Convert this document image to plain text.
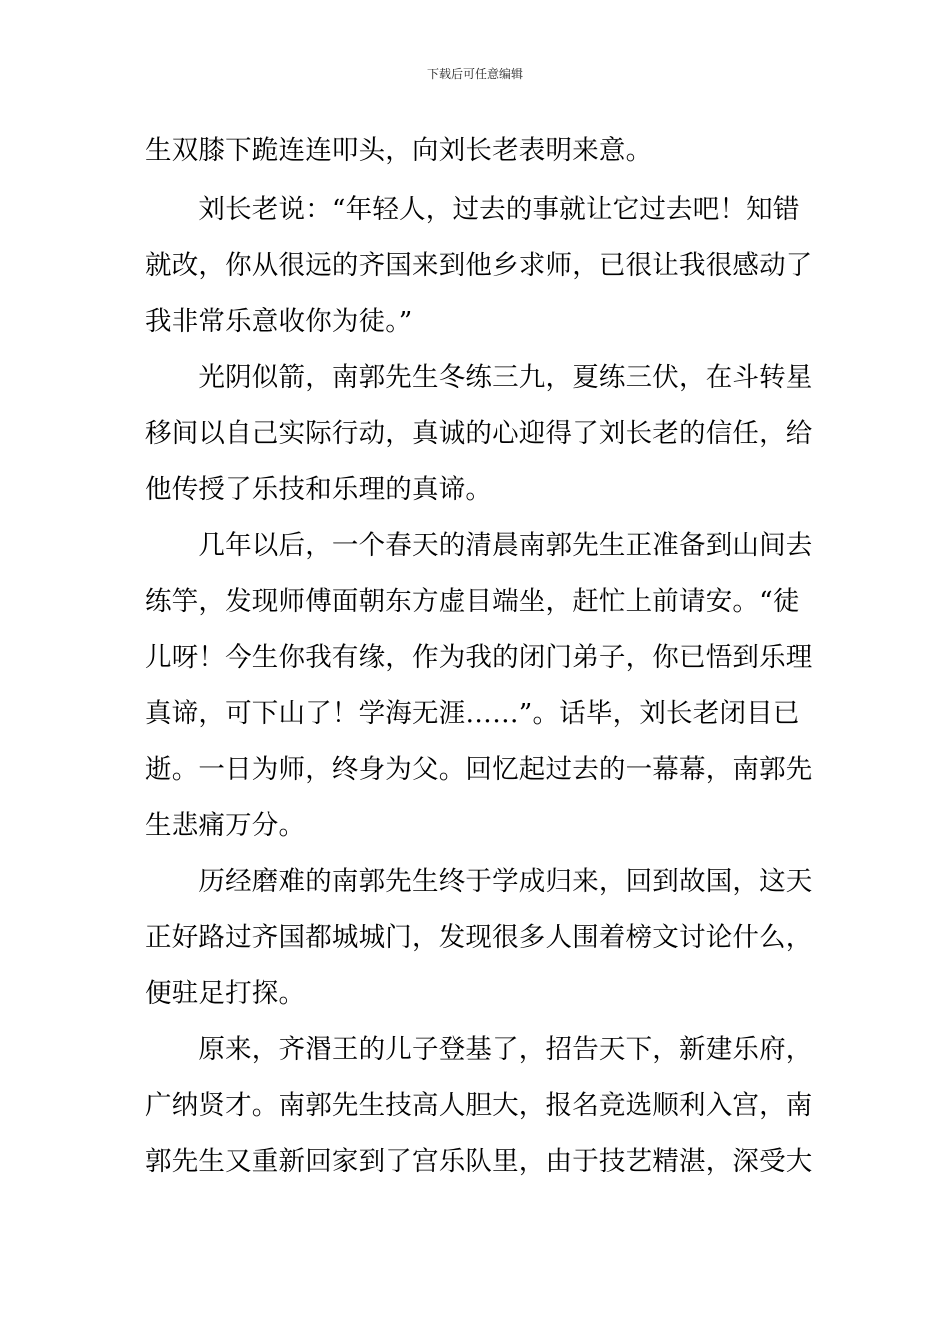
下载后可任意编辑
生双膝下跪连连叩头，向刘长老表明来意。
　　刘长老说：“年轻人，过去的事就让它过去吧！知错
就改，你从很远的齐国来到他乡求师，已很让我很感动了
我非常乐意收你为徒。”
　　光阴似箭，南郭先生冬练三九，夏练三伏，在斗转星
移间以自己实际行动，真诚的心迎得了刘长老的信任，给
他传授了乐技和乐理的真谛。
　　几年以后，一个春天的清晨南郭先生正准备到山间去
练竽，发现师傅面朝东方虚目端坐，赶忙上前请安。“徒
儿呀！今生你我有缘，作为我的闭门弟子，你已悟到乐理
真谛，可下山了！学海无涯……”。话毕，刘长老闭目已
逝。一日为师，终身为父。回忆起过去的一幕幕，南郭先
生悲痛万分。
　　历经磨难的南郭先生终于学成归来，回到故国，这天
正好路过齐国都城城门，发现很多人围着榜文讨论什么，
便驻足打探。
　　原来，齐湣王的儿子登基了，招告天下，新建乐府，
广纳贤才。南郭先生技高人胆大，报名竞选顺利入宫，南
郭先生又重新回家到了宫乐队里，由于技艺精湛，深受大
